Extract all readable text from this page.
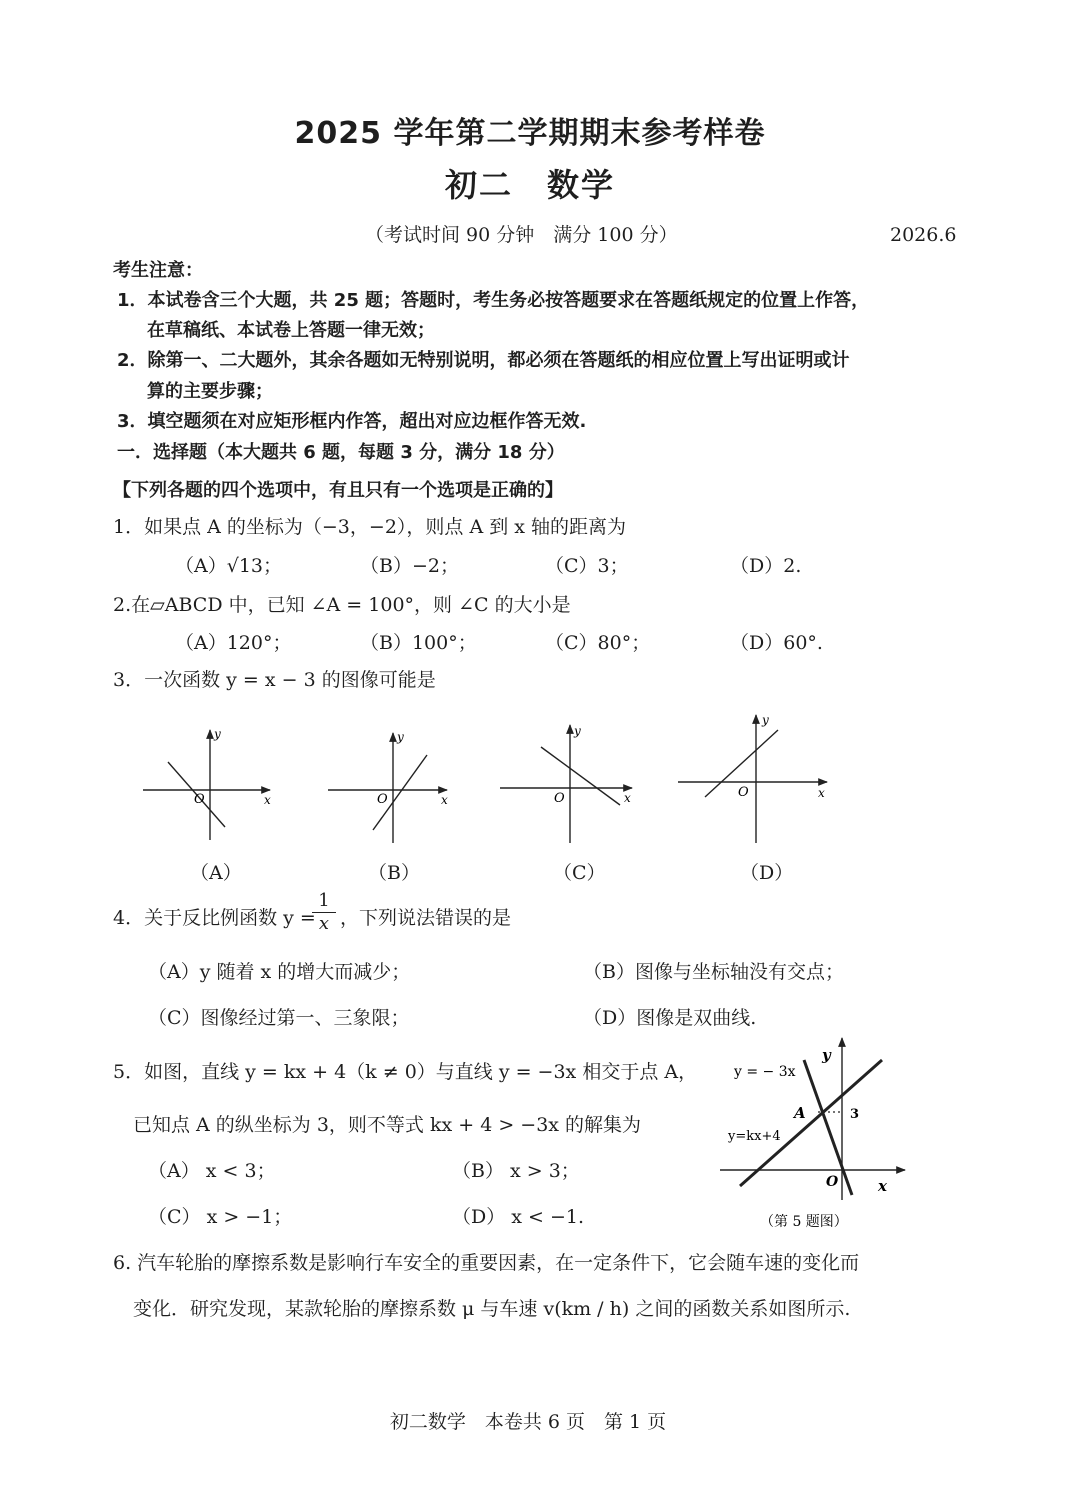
2025 学年第二学期期末参考样卷
初二　数学
（考试时间 90 分钟　满分 100 分）	2026.6
考生注意：
1．本试卷含三个大题，共 25 题；答题时，考生务必按答题要求在答题纸规定的位置上作答，
在草稿纸、本试卷上答题一律无效；
2．除第一、二大题外，其余各题如无特别说明，都必须在答题纸的相应位置上写出证明或计
算的主要步骤；
3．填空题须在对应矩形框内作答，超出对应边框作答无效.
一．选择题（本大题共 6 题，每题 3 分，满分 18 分）
【下列各题的四个选项中，有且只有一个选项是正确的】
1．如果点 A 的坐标为（−3，−2），则点 A 到 x 轴的距离为
（A）√13；	（B）−2；	（C）3；	（D）2.
2.在▱ABCD 中，已知 ∠A = 100°，则 ∠C 的大小是
（A）120°；	（B）100°；	（C）80°；	（D）60°.
3．一次函数 y = x − 3 的图像可能是
y
x
O
y
x
O
y
x
O
y
x
O
（A）	（B）	（C）	（D）
4．关于反比例函数 y =
$\frac{1}{x}$ ，下列说法错误的是
（A）y 随着 x 的增大而减少；	（B）图像与坐标轴没有交点；
（C）图像经过第一、三象限；	（D）图像是双曲线.
5．如图，直线 y = kx + 4（k ≠ 0）与直线 y = −3x 相交于点 A，
已知点 A 的纵坐标为 3，则不等式 kx + 4 > −3x 的解集为
（A） x < 3；	（B） x > 3；
（C） x > −1；	（D） x < −1.
y = − 3x
y=kx+4
A	3
y
x
O
（第 5 题图）
6. 汽车轮胎的摩擦系数是影响行车安全的重要因素，在一定条件下，它会随车速的变化而
变化．研究发现，某款轮胎的摩擦系数 μ 与车速 v(km / h) 之间的函数关系如图所示.
初二数学　本卷共 6 页　第 1 页
